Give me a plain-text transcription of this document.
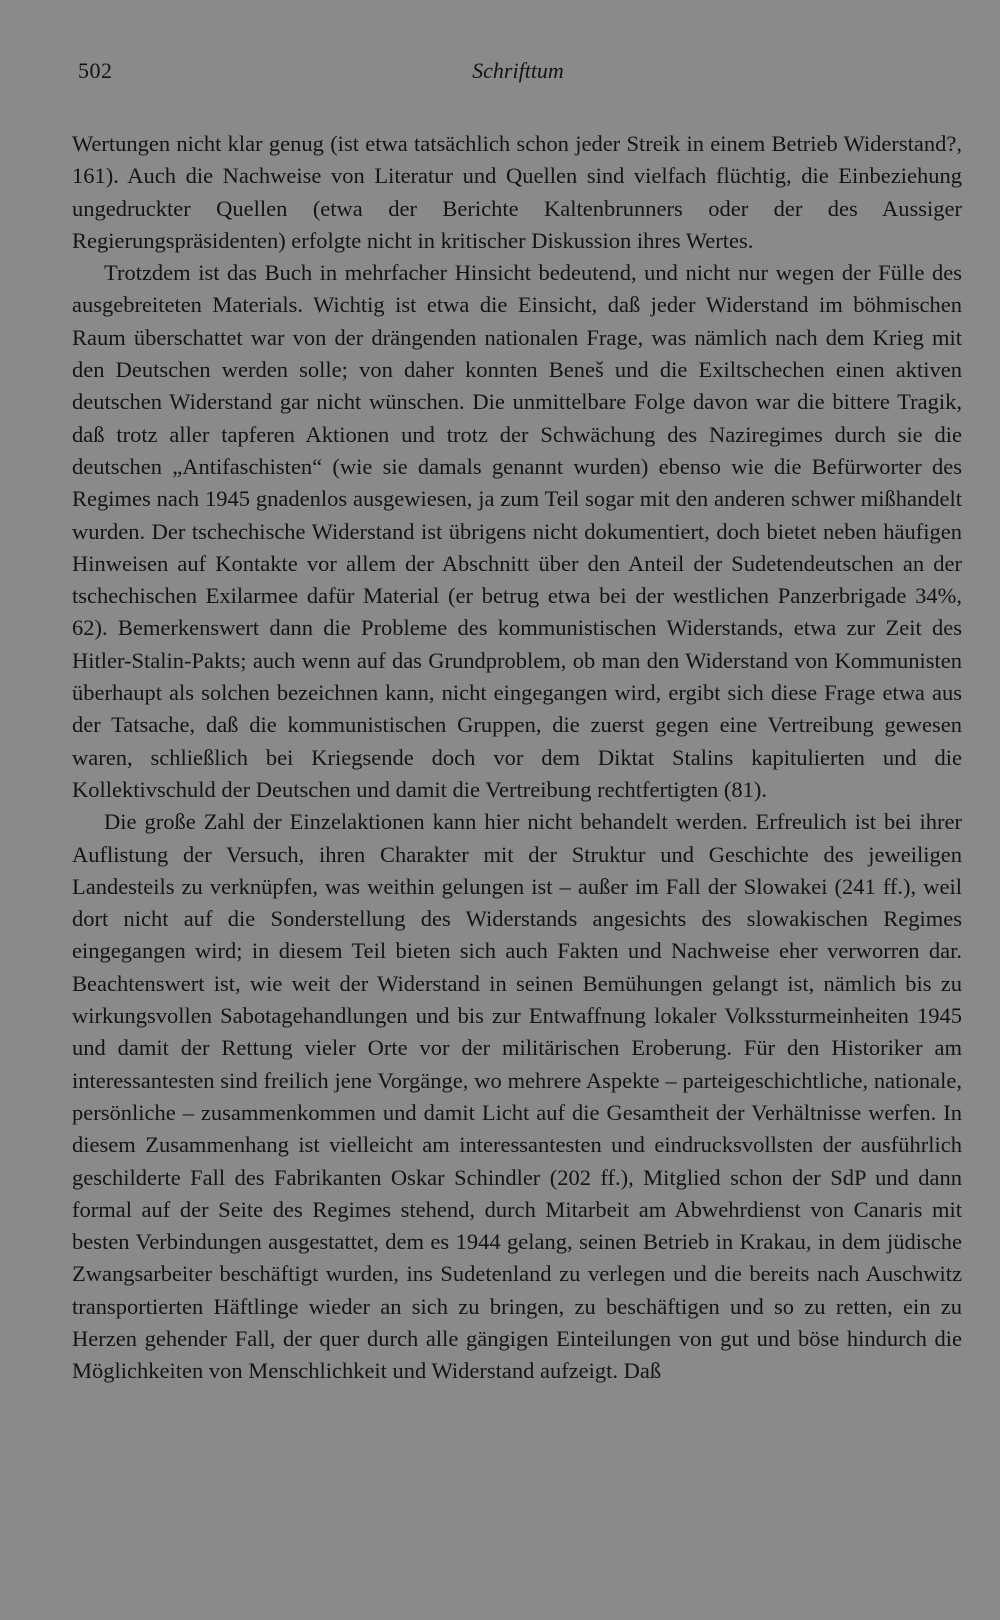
502	Schrifttum

Wertungen nicht klar genug (ist etwa tatsächlich schon jeder Streik in einem Betrieb Widerstand?, 161). Auch die Nachweise von Literatur und Quellen sind vielfach flüchtig, die Einbeziehung ungedruckter Quellen (etwa der Berichte Kaltenbrunners oder der des Aussiger Regierungspräsidenten) erfolgte nicht in kritischer Diskussion ihres Wertes.

Trotzdem ist das Buch in mehrfacher Hinsicht bedeutend, und nicht nur wegen der Fülle des ausgebreiteten Materials. Wichtig ist etwa die Einsicht, daß jeder Widerstand im böhmischen Raum überschattet war von der drängenden nationalen Frage, was nämlich nach dem Krieg mit den Deutschen werden solle; von daher konnten Beneš und die Exiltschechen einen aktiven deutschen Widerstand gar nicht wünschen. Die unmittelbare Folge davon war die bittere Tragik, daß trotz aller tapferen Aktionen und trotz der Schwächung des Naziregimes durch sie die deutschen „Antifaschisten“ (wie sie damals genannt wurden) ebenso wie die Befürworter des Regimes nach 1945 gnadenlos ausgewiesen, ja zum Teil sogar mit den anderen schwer mißhandelt wurden. Der tschechische Widerstand ist übrigens nicht dokumentiert, doch bietet neben häufigen Hinweisen auf Kontakte vor allem der Abschnitt über den Anteil der Sudetendeutschen an der tschechischen Exilarmee dafür Material (er betrug etwa bei der westlichen Panzerbrigade 34%, 62). Bemerkenswert dann die Probleme des kommunistischen Widerstands, etwa zur Zeit des Hitler-Stalin-Pakts; auch wenn auf das Grundproblem, ob man den Widerstand von Kommunisten überhaupt als solchen bezeichnen kann, nicht eingegangen wird, ergibt sich diese Frage etwa aus der Tatsache, daß die kommunistischen Gruppen, die zuerst gegen eine Vertreibung gewesen waren, schließlich bei Kriegsende doch vor dem Diktat Stalins kapitulierten und die Kollektivschuld der Deutschen und damit die Vertreibung rechtfertigten (81).

Die große Zahl der Einzelaktionen kann hier nicht behandelt werden. Erfreulich ist bei ihrer Auflistung der Versuch, ihren Charakter mit der Struktur und Geschichte des jeweiligen Landesteils zu verknüpfen, was weithin gelungen ist – außer im Fall der Slowakei (241 ff.), weil dort nicht auf die Sonderstellung des Widerstands angesichts des slowakischen Regimes eingegangen wird; in diesem Teil bieten sich auch Fakten und Nachweise eher verworren dar. Beachtenswert ist, wie weit der Widerstand in seinen Bemühungen gelangt ist, nämlich bis zu wirkungsvollen Sabotagehandlungen und bis zur Entwaffnung lokaler Volkssturmeinheiten 1945 und damit der Rettung vieler Orte vor der militärischen Eroberung. Für den Historiker am interessantesten sind freilich jene Vorgänge, wo mehrere Aspekte – parteigeschichtliche, nationale, persönliche – zusammenkommen und damit Licht auf die Gesamtheit der Verhältnisse werfen. In diesem Zusammenhang ist vielleicht am interessantesten und eindrucksvollsten der ausführlich geschilderte Fall des Fabrikanten Oskar Schindler (202 ff.), Mitglied schon der SdP und dann formal auf der Seite des Regimes stehend, durch Mitarbeit am Abwehrdienst von Canaris mit besten Verbindungen ausgestattet, dem es 1944 gelang, seinen Betrieb in Krakau, in dem jüdische Zwangsarbeiter beschäftigt wurden, ins Sudetenland zu verlegen und die bereits nach Auschwitz transportierten Häftlinge wieder an sich zu bringen, zu beschäftigen und so zu retten, ein zu Herzen gehender Fall, der quer durch alle gängigen Einteilungen von gut und böse hindurch die Möglichkeiten von Menschlichkeit und Widerstand aufzeigt. Daß
